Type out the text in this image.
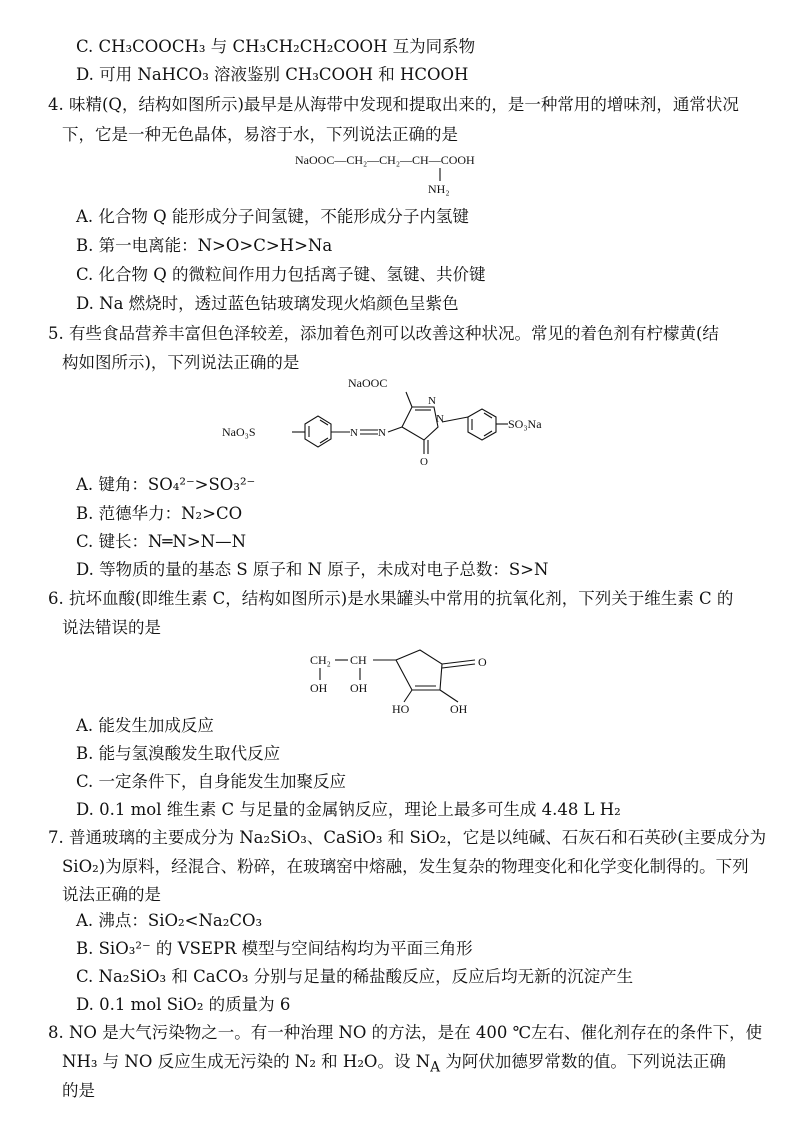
C. CH₃COOCH₃ 与 CH₃CH₂CH₂COOH 互为同系物
D. 可用 NaHCO₃ 溶液鉴别 CH₃COOH 和 HCOOH
4. 味精(Q，结构如图所示)最早是从海带中发现和提取出来的，是一种常用的增味剂，通常状况
下，它是一种无色晶体，易溶于水，下列说法正确的是
NaOOC—CH₂—CH₂—CH—COOH
NH₂
A. 化合物 Q 能形成分子间氢键，不能形成分子内氢键
B. 第一电离能：N>O>C>H>Na
C. 化合物 Q 的微粒间作用力包括离子键、氢键、共价键
D. Na 燃烧时，透过蓝色钴玻璃发现火焰颜色呈紫色
5. 有些食品营养丰富但色泽较差，添加着色剂可以改善这种状况。常见的着色剂有柠檬黄(结
构如图所示)，下列说法正确的是
NaOOC
NaO₃S	N N
N
N
O
SO₃Na
A. 键角：SO₄²⁻>SO₃²⁻
B. 范德华力：N₂>CO
C. 键长：N═N>N—N
D. 等物质的量的基态 S 原子和 N 原子，未成对电子总数：S>N
6. 抗坏血酸(即维生素 C，结构如图所示)是水果罐头中常用的抗氧化剂，下列关于维生素 C 的
说法错误的是
CH₂ CH
OH OH
O
HO	OH
A. 能发生加成反应
B. 能与氢溴酸发生取代反应
C. 一定条件下，自身能发生加聚反应
D. 0.1 mol 维生素 C 与足量的金属钠反应，理论上最多可生成 4.48 L H₂
7. 普通玻璃的主要成分为 Na₂SiO₃、CaSiO₃ 和 SiO₂，它是以纯碱、石灰石和石英砂(主要成分为
SiO₂)为原料，经混合、粉碎，在玻璃窑中熔融，发生复杂的物理变化和化学变化制得的。下列
说法正确的是
A. 沸点：SiO₂<Na₂CO₃
B. SiO₃²⁻ 的 VSEPR 模型与空间结构均为平面三角形
C. Na₂SiO₃ 和 CaCO₃ 分别与足量的稀盐酸反应，反应后均无新的沉淀产生
D. 0.1 mol SiO₂ 的质量为 6
8. NO 是大气污染物之一。有一种治理 NO 的方法，是在 400 ℃左右、催化剂存在的条件下，使
NH₃ 与 NO 反应生成无污染的 N₂ 和 H₂O。设 $N_A$ 为阿伏加德罗常数的值。下列说法正确
的是
